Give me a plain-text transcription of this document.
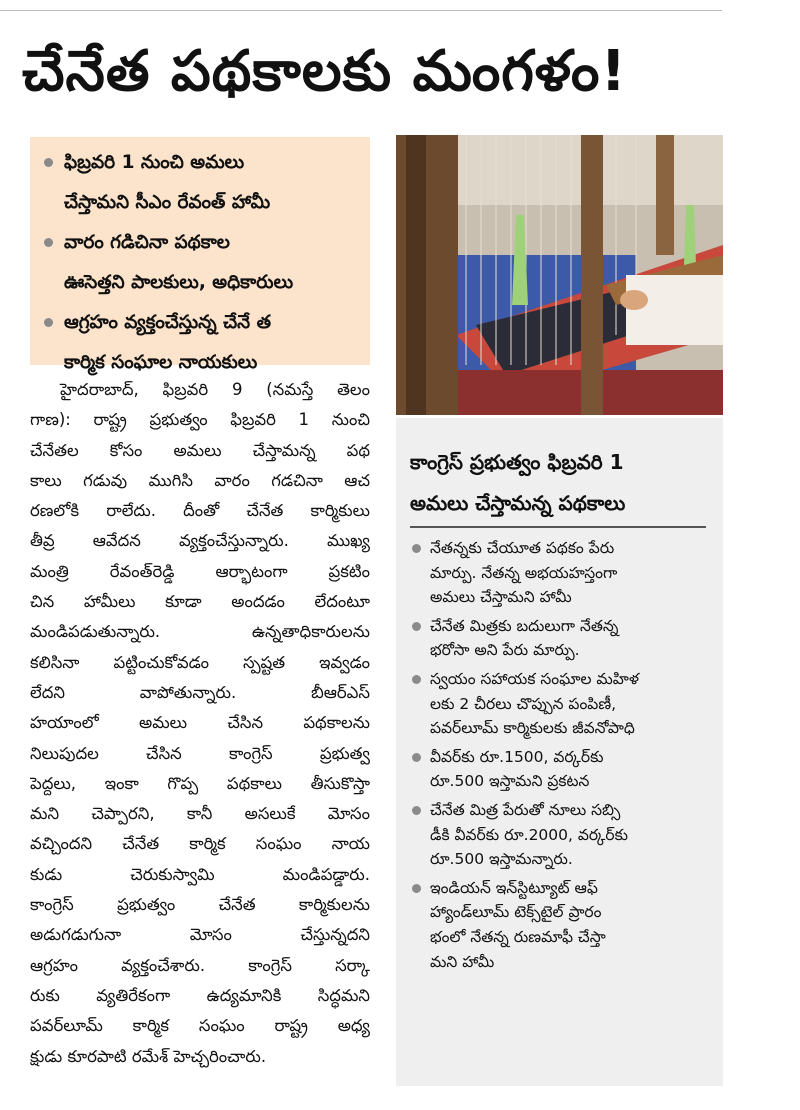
చేనేత పథకాలకు మంగళం!
ఫిబ్రవరి 1 నుంచి అమలు
చేస్తామని సీఎం రేవంత్ హామీ
వారం గడిచినా పథకాల
ఊసెత్తని పాలకులు, అధికారులు
ఆగ్రహం వ్యక్తంచేస్తున్న చేనే త
కార్మిక సంఘాల నాయకులు
హైదరాబాద్, ఫిబ్రవరి 9 (నమస్తే తెలం
గాణ): రాష్ట్ర ప్రభుత్వం ఫిబ్రవరి 1 నుంచి
చేనేతల కోసం అమలు చేస్తామన్న పథ
కాలు గడువు ముగిసి వారం గడచినా ఆచ
రణలోకి రాలేదు. దీంతో చేనేత కార్మికులు
తీవ్ర ఆవేదన వ్యక్తంచేస్తున్నారు. ముఖ్య
మంత్రి రేవంత్‌రెడ్డి ఆర్భాటంగా ప్రకటిం
చిన హామీలు కూడా అందడం లేదంటూ
మండిపడుతున్నారు. ఉన్నతాధికారులను
కలిసినా పట్టించుకోవడం స్పష్టత ఇవ్వడం
లేదని వాపోతున్నారు. బీఆర్‌ఎస్
హయాంలో అమలు చేసిన పథకాలను
నిలుపుదల చేసిన కాంగ్రెస్ ప్రభుత్వ
పెద్దలు, ఇంకా గొప్ప పథకాలు తీసుకొస్తా
మని చెప్పారని, కానీ అసలుకే మోసం
వచ్చిందని చేనేత కార్మిక సంఘం నాయ
కుడు చెరుకుస్వామి మండిపడ్డారు.
కాంగ్రెస్ ప్రభుత్వం చేనేత కార్మికులను
అడుగడుగునా మోసం చేస్తున్నదని
ఆగ్రహం వ్యక్తంచేశారు. కాంగ్రెస్ సర్కా
రుకు వ్యతిరేకంగా ఉద్యమానికి సిద్ధమని
పవర్‌లూమ్ కార్మిక సంఘం రాష్ట్ర అధ్య
క్షుడు కూరపాటి రమేశ్ హెచ్చరించారు.
కాంగ్రెస్ ప్రభుత్వం ఫిబ్రవరి 1
అమలు చేస్తామన్న పథకాలు
నేతన్నకు చేయూత పథకం పేరు
మార్పు. నేతన్న అభయహస్తంగా
అమలు చేస్తామని హామీ
చేనేత మిత్రకు బదులుగా నేతన్న
భరోసా అని పేరు మార్పు.
స్వయం సహాయక సంఘాల మహిళ
లకు 2 చీరలు చొప్పున పంపిణీ,
పవర్‌లూమ్ కార్మికులకు జీవనోపాధి
వీవర్‌కు రూ.1500, వర్కర్‌కు
రూ.500 ఇస్తామని ప్రకటన
చేనేత మిత్ర పేరుతో నూలు సబ్సి
డీకి వీవర్‌కు రూ.2000, వర్కర్‌కు
రూ.500 ఇస్తామన్నారు.
ఇండియన్ ఇన్‌స్టిట్యూట్ ఆఫ్
హ్యాండ్‌లూమ్ టెక్స్‌టైల్ ప్రారం
భంలో నేతన్న రుణమాఫీ చేస్తా
మని హామీ
